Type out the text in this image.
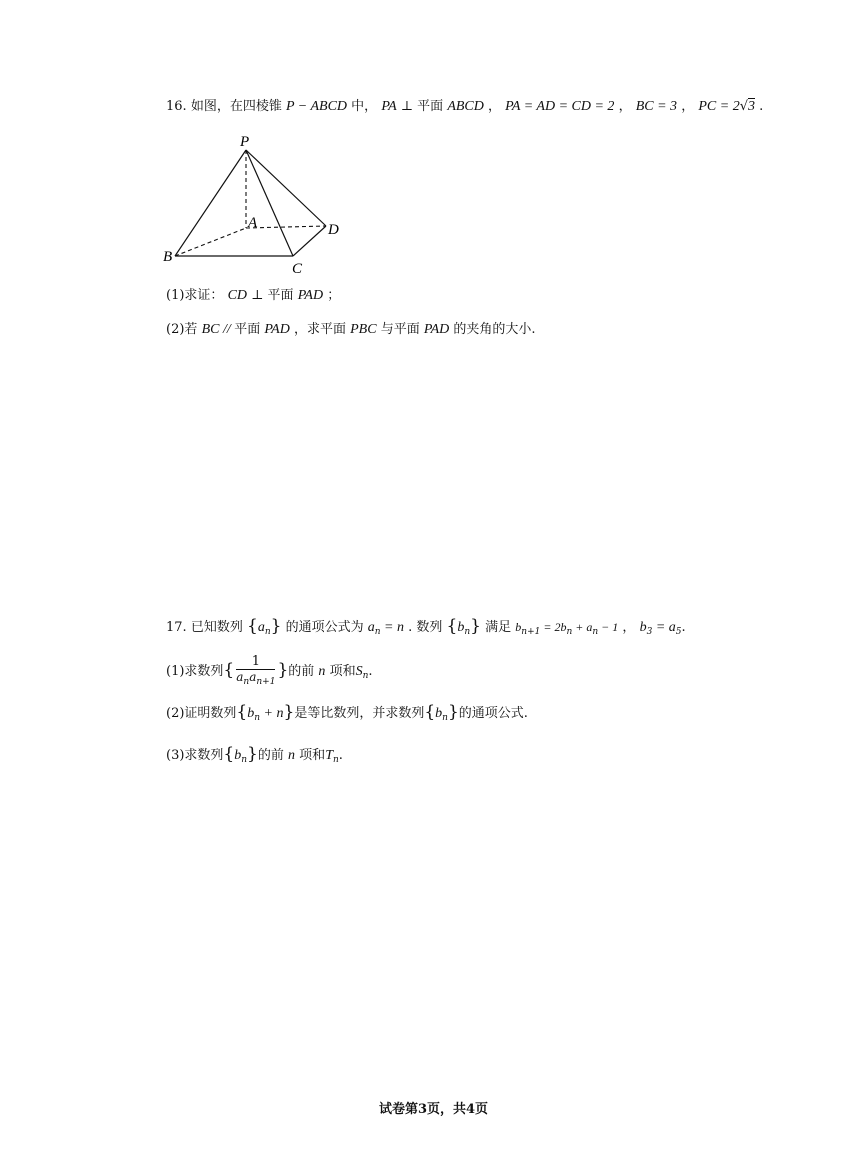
16. 如图，在四棱锥 P − ABCD 中， PA ⊥ 平面 ABCD ， PA = AD = CD = 2 ， BC = 3 ， PC = 2√3 .
P
A
B
C
D
(1)求证： CD ⊥ 平面 PAD ；
(2)若 BC // 平面 PAD ，求平面 PBC 与平面 PAD 的夹角的大小.
17. 已知数列 $\{a_n\}$ 的通项公式为 $a_n = n$ . 数列 $\{b_n\}$ 满足 $b_{n+1} = 2b_n + a_n - 1$ ， $b_3 = a_5$.
(1)求数列{ $\frac{1}{a_na_{n+1}}$ }的前 n 项和$S_n$.
(2)证明数列$\{b_n + n\}$是等比数列，并求数列$\{b_n\}$的通项公式.
(3)求数列$\{b_n\}$的前 n 项和$T_n$.
试卷第3页，共4页
